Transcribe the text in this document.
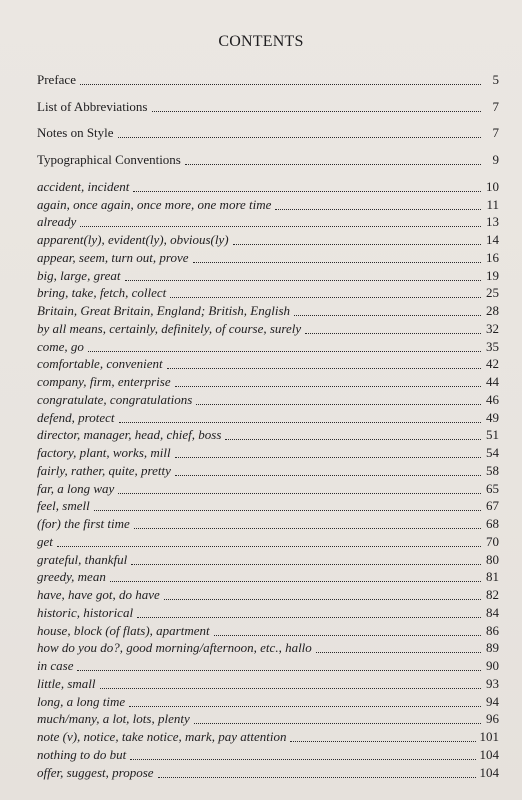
CONTENTS
Preface	5
List of Abbreviations	7
Notes on Style	7
Typographical Conventions	9
accident, incident	10
again, once again, once more, one more time	11
already	13
apparent(ly), evident(ly), obvious(ly)	14
appear, seem, turn out, prove	16
big, large, great	19
bring, take, fetch, collect	25
Britain, Great Britain, England; British, English	28
by all means, certainly, definitely, of course, surely	32
come, go	35
comfortable, convenient	42
company, firm, enterprise	44
congratulate, congratulations	46
defend, protect	49
director, manager, head, chief, boss	51
factory, plant, works, mill	54
fairly, rather, quite, pretty	58
far, a long way	65
feel, smell	67
(for) the first time	68
get	70
grateful, thankful	80
greedy, mean	81
have, have got, do have	82
historic, historical	84
house, block (of flats), apartment	86
how do you do?, good morning/afternoon, etc., hallo	89
in case	90
little, small	93
long, a long time	94
much/many, a lot, lots, plenty	96
note (v), notice, take notice, mark, pay attention	101
nothing to do but	104
offer, suggest, propose	104
